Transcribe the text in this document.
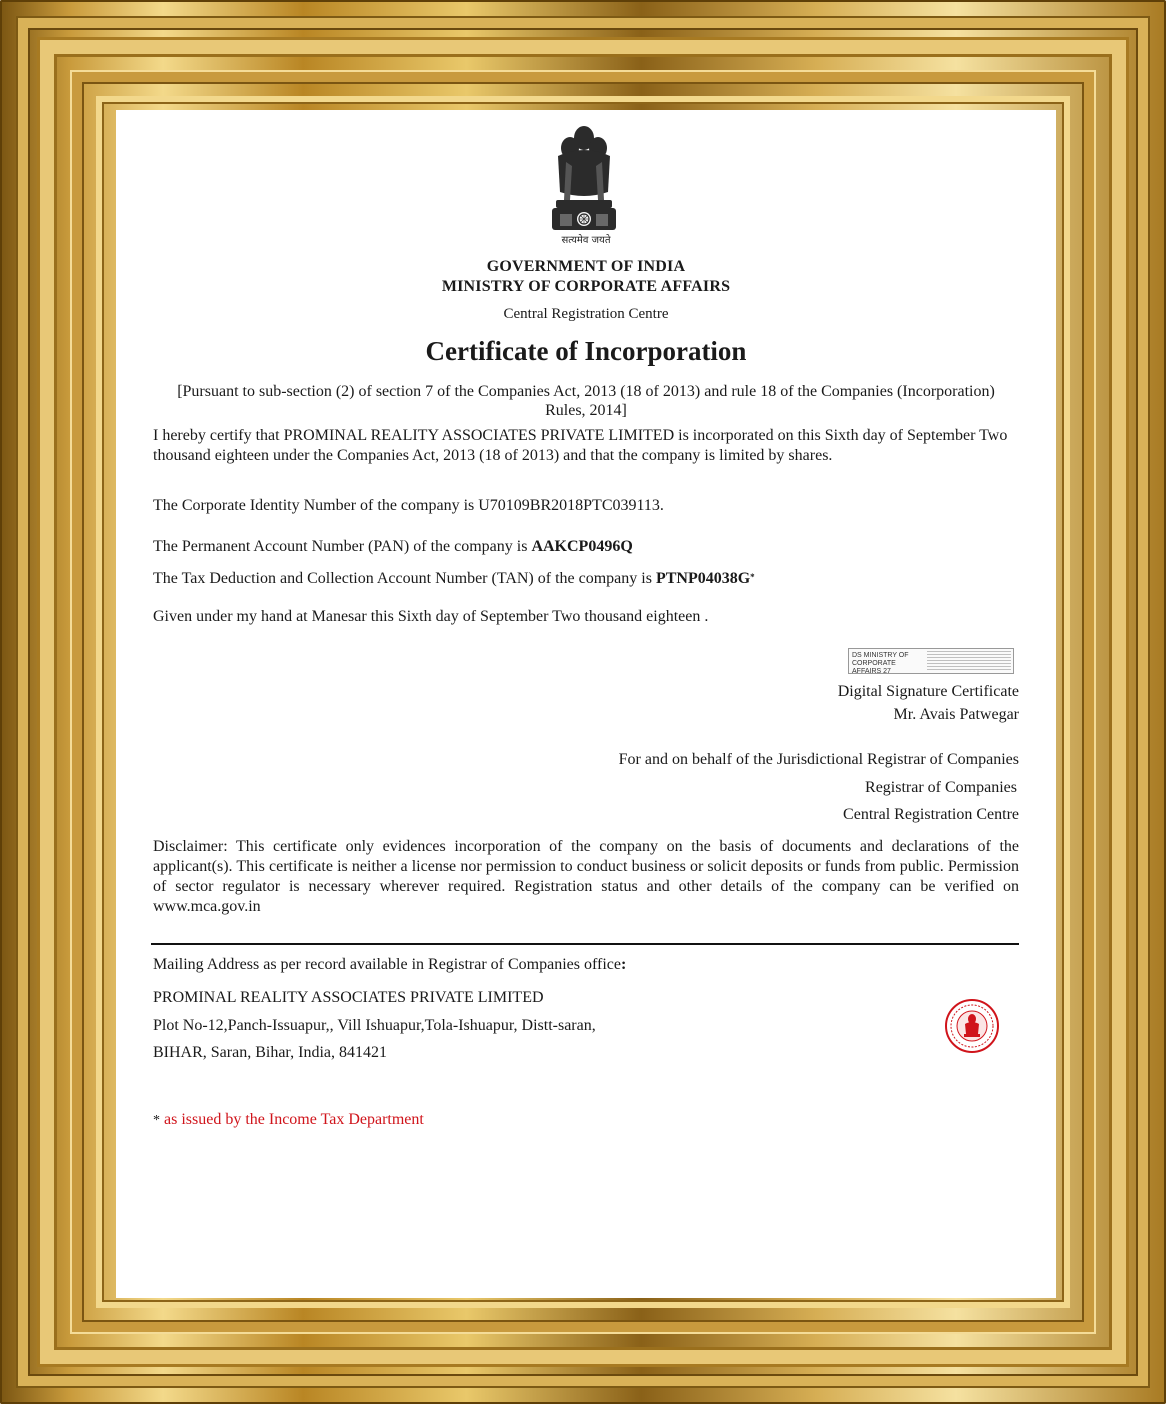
सत्यमेव जयते
GOVERNMENT OF INDIA
MINISTRY OF CORPORATE AFFAIRS
Central Registration Centre
Certificate of Incorporation
[Pursuant to sub-section (2) of section 7 of the Companies Act, 2013 (18 of 2013) and rule 18 of the Companies (Incorporation) Rules, 2014]
I hereby certify that PROMINAL REALITY ASSOCIATES PRIVATE LIMITED is incorporated on this Sixth day of September Two thousand eighteen under the Companies Act, 2013 (18 of 2013) and that the company is limited by shares.
The Corporate Identity Number of the company is U70109BR2018PTC039113.
The Permanent Account Number (PAN) of the company is AAKCP0496Q
The Tax Deduction and Collection Account Number (TAN) of the company is PTNP04038G*
Given under my hand at Manesar this Sixth day of September Two thousand eighteen .
DS MINISTRY OF CORPORATE AFFAIRS 27
Digital Signature Certificate
Mr. Avais Patwegar
For and on behalf of the Jurisdictional Registrar of Companies
Registrar of Companies
Central Registration Centre
Disclaimer: This certificate only evidences incorporation of the company on the basis of documents and declarations of the applicant(s). This certificate is neither a license nor permission to conduct business or solicit deposits or funds from public. Permission of sector regulator is necessary wherever required. Registration status and other details of the company can be verified on www.mca.gov.in
Mailing Address as per record available in Registrar of Companies office:
PROMINAL REALITY ASSOCIATES PRIVATE LIMITED
Plot No-12,Panch-Issuapur,, Vill Ishuapur,Tola-Ishuapur, Distt-saran,
BIHAR, Saran, Bihar, India, 841421
* as issued by the Income Tax Department
